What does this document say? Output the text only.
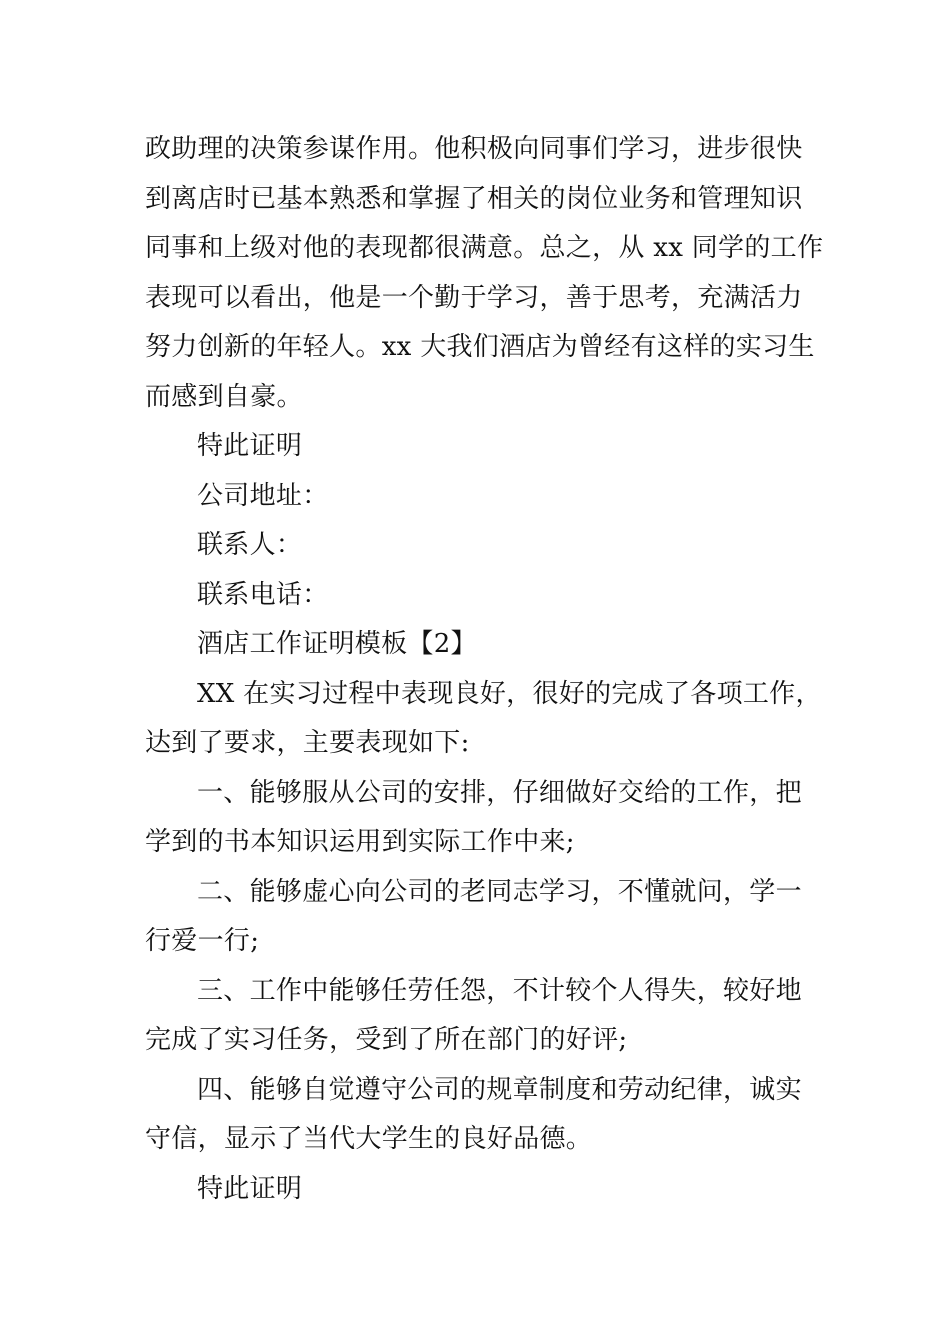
政助理的决策参谋作用。他积极向同事们学习，进步很快
到离店时已基本熟悉和掌握了相关的岗位业务和管理知识
同事和上级对他的表现都很满意。总之，从 xx 同学的工作
表现可以看出，他是一个勤于学习，善于思考，充满活力
努力创新的年轻人。xx 大我们酒店为曾经有这样的实习生
而感到自豪。
特此证明
公司地址：
联系人：
联系电话：
酒店工作证明模板【2】
XX 在实习过程中表现良好，很好的完成了各项工作，
达到了要求，主要表现如下:
一、能够服从公司的安排，仔细做好交给的工作，把
学到的书本知识运用到实际工作中来;
二、能够虚心向公司的老同志学习，不懂就问，学一
行爱一行;
三、工作中能够任劳任怨，不计较个人得失，较好地
完成了实习任务，受到了所在部门的好评;
四、能够自觉遵守公司的规章制度和劳动纪律，诚实
守信，显示了当代大学生的良好品德。
特此证明
